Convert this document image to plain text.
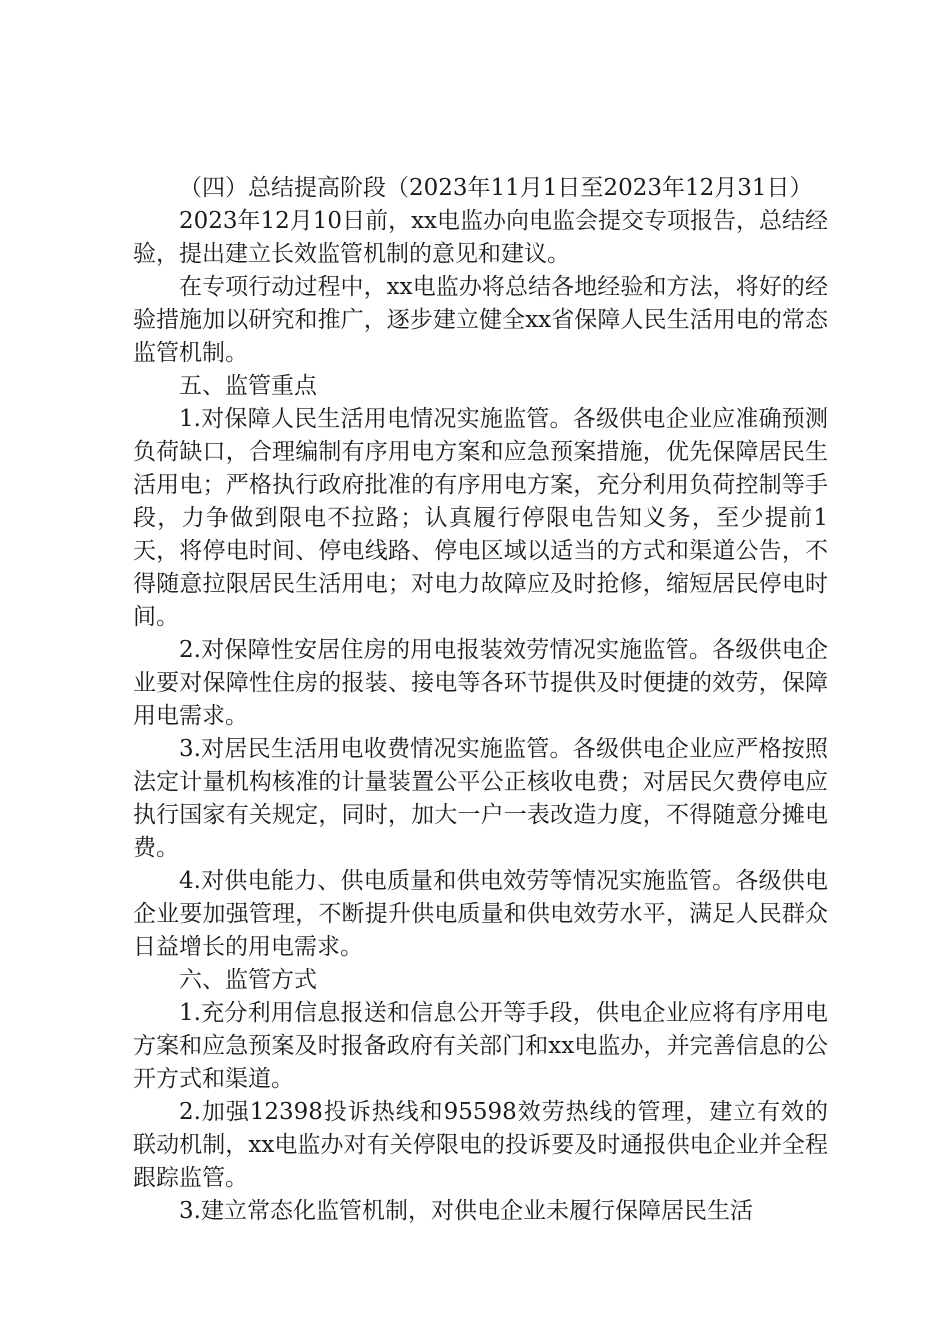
（四）总结提高阶段（2023年11月1日至2023年12月31日）

2023年12月10日前，xx电监办向电监会提交专项报告，总结经验，提出建立长效监管机制的意见和建议。

在专项行动过程中，xx电监办将总结各地经验和方法，将好的经验措施加以研究和推广，逐步建立健全xx省保障人民生活用电的常态监管机制。

五、监管重点

1.对保障人民生活用电情况实施监管。各级供电企业应准确预测负荷缺口，合理编制有序用电方案和应急预案措施，优先保障居民生活用电；严格执行政府批准的有序用电方案，充分利用负荷控制等手段，力争做到限电不拉路；认真履行停限电告知义务，至少提前1天，将停电时间、停电线路、停电区域以适当的方式和渠道公告，不得随意拉限居民生活用电；对电力故障应及时抢修，缩短居民停电时间。

2.对保障性安居住房的用电报装效劳情况实施监管。各级供电企业要对保障性住房的报装、接电等各环节提供及时便捷的效劳，保障用电需求。

3.对居民生活用电收费情况实施监管。各级供电企业应严格按照法定计量机构核准的计量装置公平公正核收电费；对居民欠费停电应执行国家有关规定，同时，加大一户一表改造力度，不得随意分摊电费。

4.对供电能力、供电质量和供电效劳等情况实施监管。各级供电企业要加强管理，不断提升供电质量和供电效劳水平，满足人民群众日益增长的用电需求。

六、监管方式

1.充分利用信息报送和信息公开等手段，供电企业应将有序用电方案和应急预案及时报备政府有关部门和xx电监办，并完善信息的公开方式和渠道。

2.加强12398投诉热线和95598效劳热线的管理，建立有效的联动机制，xx电监办对有关停限电的投诉要及时通报供电企业并全程跟踪监管。

3.建立常态化监管机制，对供电企业未履行保障居民生活
